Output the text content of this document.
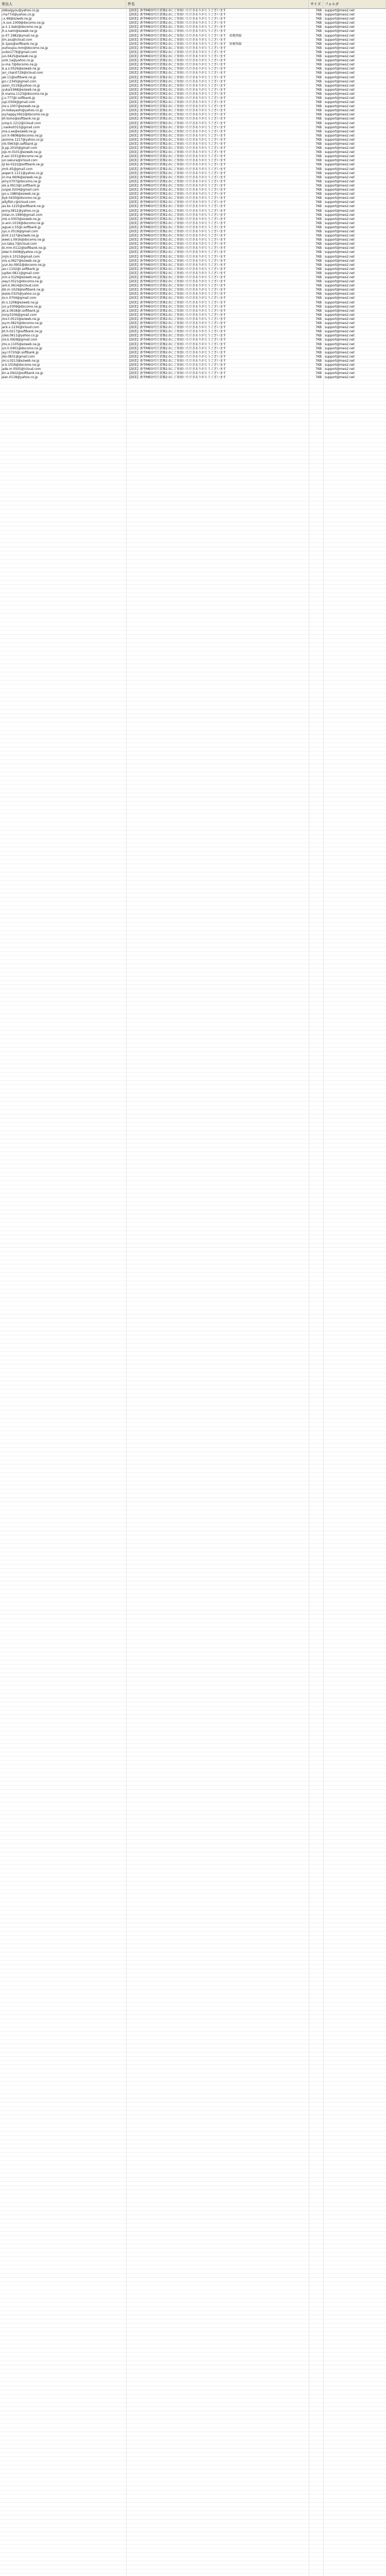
差出人	件名	サイズ	フォルダ
jobkaigyou@yahoo.co.jp	【副業】新型MEO代行業務2.0にご参加いただきありがとうございます	7KB	support@meo2.net
j-ha77xl@yahoo.co.jp	【副業】新型MEO代行業務2.0にご参加いただきありがとうございます	7KB	support@meo2.net
j.x.48@ezweb.ne.jp	【副業】新型MEO代行業務2.0にご参加いただきありがとうございます	7KB	support@meo2.net
j.k.xxx.1009@docomo.ne.jp	【副業】新型MEO代行業務2.0にご参加いただきありがとうございます	7KB	support@meo2.net
ja-1-1.baki@docomo.ne.jp	【副業】新型MEO代行業務2.0にご参加いただきありがとうございます	7KB	support@meo2.net
jh.s.nami@ezweb.ne.jp	【副業】新型MEO代行業務2.0にご参加いただきありがとうございます	7KB	support@meo2.net
jo-07.1982@ymail.ne.jp	【副業】新型MEO代行業務2.0にご参加いただきありがとうございます　重複登録	7KB	support@meo2.net
jtm.aiu@icloud.com	【副業】新型MEO代行業務2.0にご参加いただきありがとうございます	7KB	support@meo2.net
jk-1pos@softbank.ne.jp	【副業】新型MEO代行業務2.0にご参加いただきありがとうございます　重複登録	7KB	support@meo2.net
jouhoujou-mm@docomo.ne.jp	【副業】新型MEO代行業務2.0にご参加いただきありがとうございます	7KB	support@meo2.net
junko1776@gmail.com	【副業】新型MEO代行業務2.0にご参加いただきありがとうございます	7KB	support@meo2.net
jun-0425@ezweb.ne.jp	【副業】新型MEO代行業務2.0にご参加いただきありがとうございます	7KB	support@meo2.net
junk.1a@yahoo.co.jp	【副業】新型MEO代行業務2.0にご参加いただきありがとうございます	7KB	support@meo2.net
ju-ma.7@docomo.ne.jp	【副業】新型MEO代行業務2.0にご参加いただきありがとうございます	7KB	support@meo2.net
jk.a.s.0526@ezweb.ne.jp	【副業】新型MEO代行業務2.0にご参加いただきありがとうございます	7KB	support@meo2.net
jan_chan0729@icloud.com	【副業】新型MEO代行業務2.0にご参加いただきありがとうございます	7KB	support@meo2.net
jak.11@softbank.ne.jp	【副業】新型MEO代行業務2.0にご参加いただきありがとうございます	7KB	support@meo2.net
jpn.r.2345@gmail.com	【副業】新型MEO代行業務2.0にご参加いただきありがとうございます	7KB	support@meo2.net
jason_0119@yahoo.co.jp	【副業】新型MEO代行業務2.0にご参加いただきありがとうございます	7KB	support@meo2.net
jyukai1968@ezweb.ne.jp	【副業】新型MEO代行業務2.0にご参加いただきありがとうございます	7KB	support@meo2.net
jk.mama.1123@docomo.ne.jp	【副業】新型MEO代行業務2.0にご参加いただきありがとうございます	7KB	support@meo2.net
jj.o.777@i.softbank.jp	【副業】新型MEO代行業務2.0にご参加いただきありがとうございます	7KB	support@meo2.net
jupi.0304@gmail.com	【副業】新型MEO代行業務2.0にご参加いただきありがとうございます	7KB	support@meo2.net
jiro.s.1007@ezweb.ne.jp	【副業】新型MEO代行業務2.0にご参加いただきありがとうございます	7KB	support@meo2.net
jin-kobayashi@yahoo.co.jp	【副業】新型MEO代行業務2.0にご参加いただきありがとうございます	7KB	support@meo2.net
joy.happy.0922@docomo.ne.jp	【副業】新型MEO代行業務2.0にご参加いただきありがとうございます	7KB	support@meo2.net
jkt-tomo@softbank.ne.jp	【副業】新型MEO代行業務2.0にご参加いただきありがとうございます	7KB	support@meo2.net
jump.k.1212@icloud.com	【副業】新型MEO代行業務2.0にご参加いただきありがとうございます	7KB	support@meo2.net
j.naoko0315@gmail.com	【副業】新型MEO代行業務2.0にご参加いただきありがとうございます	7KB	support@meo2.net
jma.s.ee@ezweb.ne.jp	【副業】新型MEO代行業務2.0にご参加いただきありがとうございます	7KB	support@meo2.net
juri.h-0808@docomo.ne.jp	【副業】新型MEO代行業務2.0にご参加いただきありがとうございます	7KB	support@meo2.net
jasmine.1217@yahoo.co.jp	【副業】新型MEO代行業務2.0にご参加いただきありがとうございます	7KB	support@meo2.net
jnk-5963@i.softbank.jp	【副業】新型MEO代行業務2.0にご参加いただきありがとうございます	7KB	support@meo2.net
jk.pp.2010@gmail.com	【副業】新型MEO代行業務2.0にご参加いただきありがとうございます	7KB	support@meo2.net
jojo.m.0101@ezweb.ne.jp	【副業】新型MEO代行業務2.0にご参加いただきありがとうございます	7KB	support@meo2.net
jt-aoi.1031@docomo.ne.jp	【副業】新型MEO代行業務2.0にご参加いただきありがとうございます	7KB	support@meo2.net
jun.sakura@icloud.com	【副業】新型MEO代行業務2.0にご参加いただきありがとうございます	7KB	support@meo2.net
jiji.ko-0222@softbank.ne.jp	【副業】新型MEO代行業務2.0にご参加いただきありがとうございます	7KB	support@meo2.net
jmrk.45@gmail.com	【副業】新型MEO代行業務2.0にご参加いただきありがとうございます	7KB	support@meo2.net
jasper.k.1111@yahoo.co.jp	【副業】新型MEO代行業務2.0にご参加いただきありがとうございます	7KB	support@meo2.net
jin.ma.0606@ezweb.ne.jp	【副業】新型MEO代行業務2.0にご参加いただきありがとうございます	7KB	support@meo2.net
jerry.0707@docomo.ne.jp	【副業】新型MEO代行業務2.0にご参加いただきありがとうございます	7KB	support@meo2.net
jok.a.0913@i.softbank.jp	【副業】新型MEO代行業務2.0にご参加いただきありがとうございます	7KB	support@meo2.net
junpei.0204@gmail.com	【副業】新型MEO代行業務2.0にご参加いただきありがとうございます	7KB	support@meo2.net
jyo.u.1980@ezweb.ne.jp	【副業】新型MEO代行業務2.0にご参加いただきありがとうございます	7KB	support@meo2.net
jkyk.0430@docomo.ne.jp	【副業】新型MEO代行業務2.0にご参加いただきありがとうございます	7KB	support@meo2.net
jellyfish.r@icloud.com	【副業】新型MEO代行業務2.0にご参加いただきありがとうございます	7KB	support@meo2.net
jas.ko-1225@softbank.ne.jp	【副業】新型MEO代行業務2.0にご参加いただきありがとうございます	7KB	support@meo2.net
jenny.0812@yahoo.co.jp	【副業】新型MEO代行業務2.0にご参加いただきありがとうございます	7KB	support@meo2.net
jintan.m.1990@gmail.com	【副業】新型MEO代行業務2.0にご参加いただきありがとうございます	7KB	support@meo2.net
jmk.o.0303@ezweb.ne.jp	【副業】新型MEO代行業務2.0にご参加いただきありがとうございます	7KB	support@meo2.net
jo-ann.1019@docomo.ne.jp	【副業】新型MEO代行業務2.0にご参加いただきありがとうございます	7KB	support@meo2.net
jaguar.z.55@i.softbank.jp	【副業】新型MEO代行業務2.0にご参加いただきありがとうございます	7KB	support@meo2.net
jiyu.n.0519@gmail.com	【副業】新型MEO代行業務2.0にご参加いただきありがとうございます	7KB	support@meo2.net
jkmt.1127@ezweb.ne.jp	【副業】新型MEO代行業務2.0にご参加いただきありがとうございます	7KB	support@meo2.net
jewel.s.0916@docomo.ne.jp	【副業】新型MEO代行業務2.0にご参加いただきありがとうございます	7KB	support@meo2.net
jun.taka.7@icloud.com	【副業】新型MEO代行業務2.0にご参加いただきありがとうございます	7KB	support@meo2.net
jki.mm-0112@softbank.ne.jp	【副業】新型MEO代行業務2.0にご参加いただきありがとうございます	7KB	support@meo2.net
joker.h.0408@yahoo.co.jp	【副業】新型MEO代行業務2.0にご参加いただきありがとうございます	7KB	support@meo2.net
jinjin.k.1015@gmail.com	【副業】新型MEO代行業務2.0にご参加いただきありがとうございます	7KB	support@meo2.net
jms.a.0627@ezweb.ne.jp	【副業】新型MEO代行業務2.0にご参加いただきありがとうございます	7KB	support@meo2.net
jyun.ko.0902@docomo.ne.jp	【副業】新型MEO代行業務2.0にご参加いただきありがとうございます	7KB	support@meo2.net
jax.r.1102@i.softbank.jp	【副業】新型MEO代行業務2.0にご参加いただきありがとうございます	7KB	support@meo2.net
jupiter.0811@gmail.com	【副業】新型MEO代行業務2.0にご参加いただきありがとうございます	7KB	support@meo2.net
jnm.s.0129@ezweb.ne.jp	【副業】新型MEO代行業務2.0にご参加いただきありがとうございます	7KB	support@meo2.net
joey.t.0521@docomo.ne.jp	【副業】新型MEO代行業務2.0にご参加いただきありがとうございます	7KB	support@meo2.net
jam.k.0614@icloud.com	【副業】新型MEO代行業務2.0にご参加いただきありがとうございます	7KB	support@meo2.net
jkb.m-1029@softbank.ne.jp	【副業】新型MEO代行業務2.0にご参加いただきありがとうございます	7KB	support@meo2.net
jessie.0325@yahoo.co.jp	【副業】新型MEO代行業務2.0にご参加いただきありがとうございます	7KB	support@meo2.net
jio.n.0704@gmail.com	【副業】新型MEO代行業務2.0にご参加いただきありがとうございます	7KB	support@meo2.net
jkr.s.1208@ezweb.ne.jp	【副業】新型MEO代行業務2.0にご参加いただきありがとうございます	7KB	support@meo2.net
jun.y.0309@docomo.ne.jp	【副業】新型MEO代行業務2.0にご参加いただきありがとうございます	7KB	support@meo2.net
jet.a.0918@i.softbank.jp	【副業】新型MEO代行業務2.0にご参加いただきありがとうございます	7KB	support@meo2.net
jinny.0106@gmail.com	【副業】新型MEO代行業務2.0にご参加いただきありがとうございます	7KB	support@meo2.net
jmo.t.0515@ezweb.ne.jp	【副業】新型MEO代行業務2.0にご参加いただきありがとうございます	7KB	support@meo2.net
joy.m.0823@docomo.ne.jp	【副業】新型MEO代行業務2.0にご参加いただきありがとうございます	7KB	support@meo2.net
jack.s.1230@icloud.com	【副業】新型MEO代行業務2.0にご参加いただきありがとうございます	7KB	support@meo2.net
jkt.h-0217@softbank.ne.jp	【副業】新型MEO代行業務2.0にご参加いただきありがとうございます	7KB	support@meo2.net
jules.0611@yahoo.co.jp	【副業】新型MEO代行業務2.0にご参加いただきありがとうございます	7KB	support@meo2.net
jiro.k.0928@gmail.com	【副業】新型MEO代行業務2.0にご参加いただきありがとうございます	7KB	support@meo2.net
jms.o.1105@ezweb.ne.jp	【副業】新型MEO代行業務2.0にご参加いただきありがとうございます	7KB	support@meo2.net
jun.h.0401@docomo.ne.jp	【副業】新型MEO代行業務2.0にご参加いただきありがとうございます	7KB	support@meo2.net
jay.r.0720@i.softbank.jp	【副業】新型MEO代行業務2.0にご参加いただきありがとうございます	7KB	support@meo2.net
jiko.0831@gmail.com	【副業】新型MEO代行業務2.0にご参加いただきありがとうございます	7KB	support@meo2.net
jmi.s.0213@ezweb.ne.jp	【副業】新型MEO代行業務2.0にご参加いただきありがとうございます	7KB	support@meo2.net
jo.k.1016@docomo.ne.jp	【副業】新型MEO代行業務2.0にご参加いただきありがとうございます	7KB	support@meo2.net
jade.m.0505@icloud.com	【副業】新型MEO代行業務2.0にご参加いただきありがとうございます	7KB	support@meo2.net
jkn.a-0922@softbank.ne.jp	【副業】新型MEO代行業務2.0にご参加いただきありがとうございます	7KB	support@meo2.net
jean.0118@yahoo.co.jp	【副業】新型MEO代行業務2.0にご参加いただきありがとうございます	7KB	support@meo2.net
